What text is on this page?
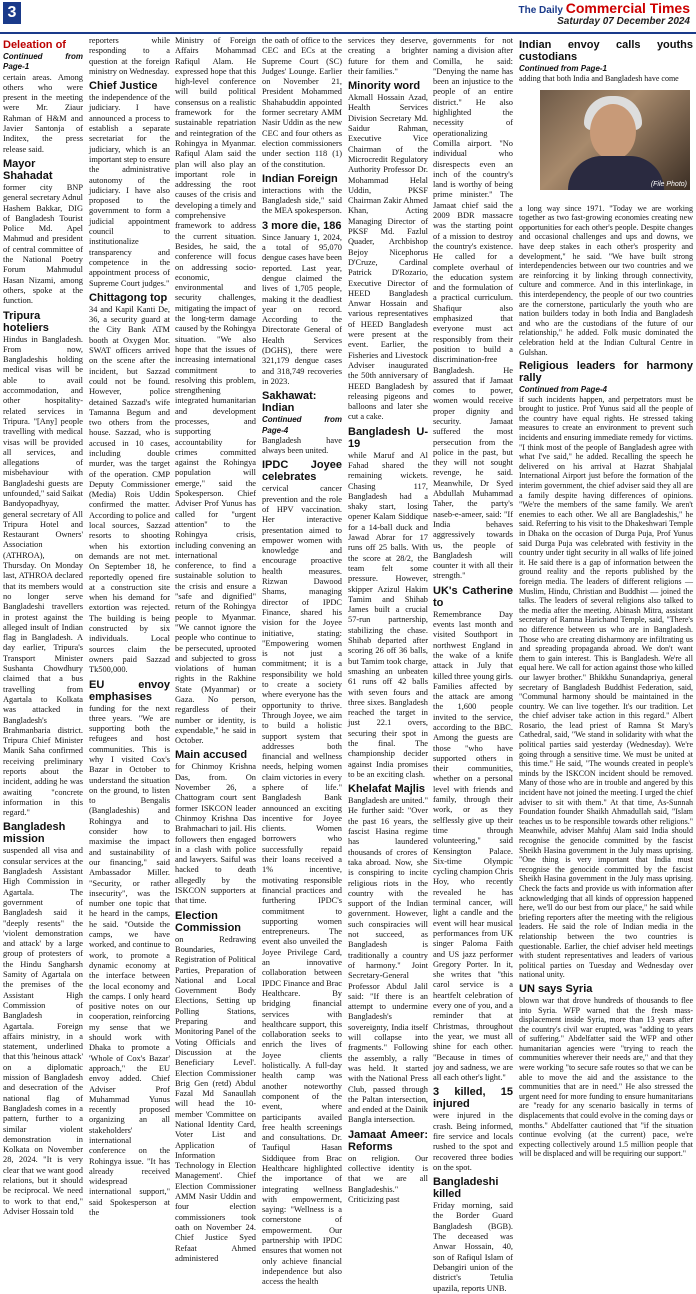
3	The Daily Commercial Times
Saturday 07 December 2024
Deleation of
Continued from Page-1

certain areas. Among others who were present in the meeting were Mr. Ziaur Rahman of H&M and Javier Santonja of Inditex, the press release said.

Mayor Shahadat

former city BNP general secretary Adnul Hashem Bakkar, DIG of Bangladesh Tourist Police Md. Apel Mahmud and president of central committee of the National Poetry Forum Mahmudul Hasan Nizami, among others, spoke at the function.

Tripura hoteliers

Hindus in Bangladesh. From now, Bangladeshis holding medical visas will be able to avail accommodation, and other hospitality-related services in Tripura. "[Any] people travelling with medical visas will be provided all services, and allegations of misbehaviour with Bangladeshi guests are unfounded," said Saikat Bandyopadhyay, general secretary of All Tripura Hotel and Restaurant Owners' Association (ATHROA), on Thursday. On Monday last, ATHROA declared that its members would no longer serve Bangladeshi travellers in protest against the alleged insult of Indian flag in Bangladesh. A day earlier, Tripura's Transport Minister Sushanta Chowdhury claimed that a bus travelling from Agartala to Kolkata was attacked in Bangladesh's Brahmanbaria district. Tripura Chief Minister Manik Saha confirmed receiving preliminary reports about the incident, adding he was awaiting "concrete information in this regard."

Bangladesh mission

suspended all visa and consular services at the Bangladesh Assistant High Commission in Agartala. The government of Bangladesh said it "deeply resents" the 'violent demonstration and attack' by a large group of protesters of the Hindu Sangharsh Samity of Agartala on the premises of the Assistant High Commission of Bangladesh in Agartala. Foreign affairs ministry, in a statement, underlined that this 'heinous attack' on a diplomatic mission of Bangladesh and desecration of the national flag of Bangladesh comes in a pattern, further to a similar violent demonstration in Kolkata on November 28, 2024. "It is very clear that we want good relations, but it should be reciprocal. We need to work to that end," Adviser Hossain told

reporters while responding to a question at the foreign ministry on Wednesday.

Chief Justice

the independence of the judiciary. I have announced a process to establish a separate secretariat for the judiciary, which is an important step to ensure the administrative autonomy of the judiciary. I have also proposed to the government to form a judicial appointment council to institutionalize transparency and competence in the appointment process of Supreme Court judges."

Chittagong top

34 and Kapil Kanti De, 36, a security guard at the City Bank ATM booth at Oxygen Mor. SWAT officers arrived on the scene after the incident, but Sazzad could not be found. However, police detained Sazzad's wife Tamanna Begum and two others from the house. Sazzad, who is accused in 10 cases, including double murder, was the target of the operation. CMP Deputy Commissioner (Media) Rois Uddin confirmed the matter. According to police and local sources, Sazzad resorts to shooting when his extortion demands are not met. On September 18, he reportedly opened fire at a construction site when his demand for extortion was rejected. The building is being constructed by six individuals. Local sources claim the owners paid Sazzad Tk500,000.

EU envoy emphasises

funding for the next three years. "We are supporting both the refugees and host communities. This is why I visited Cox's Bazar in October to understand the situation on the ground, to listen to Bengalis (Bangladeshis) and Rohingya and to consider how to maximise the impact and sustainability of our financing," said Ambassador Miller. "Security, or rather insecurity", was the number one topic that he heard in the camps, he said. "Outside the camps, we have worked, and continue to work, to promote a dynamic economy at the interface between the local economy and the camps. I only heard positive notes on our cooperation, reinforcing my sense that we should work with Dhaka to promote a 'Whole of Cox's Bazar' approach," the EU envoy added. Chief Adviser Prof Muhammad Yunus recently proposed organizing an all stakeholders' international conference on the Rohingya issue. "It has already received widespread international support," said Spokesperson at the

Ministry of Foreign Affairs Mohammad Rafiqul Alam. He expressed hope that this high-level conference will build political consensus on a realistic framework for the sustainable repatriation and reintegration of the Rohingya in Myanmar. Rafiqul Alam said the plan will also play an important role in addressing the root causes of the crisis and developing a timely and comprehensive framework to address the current situation. Besides, he said, the conference will focus on addressing socio-economic, environmental and security challenges, mitigating the impact of the long-term damage caused by the Rohingya situation. "We also hope that the issues of increasing international commitment to resolving this problem, strengthening integrated humanitarian and development processes, and supporting accountability for crimes committed against the Rohingya population will emerge," said the Spokesperson. Chief Adviser Prof Yunus has called for "urgent attention" to the Rohingya crisis, including convening an international conference, to find a sustainable solution to the crisis and ensure a "safe and dignified" return of the Rohingya people to Myanmar. "We cannot ignore the people who continue to be persecuted, uprooted and subjected to gross violations of human rights in the Rakhine State (Myanmar) or Gaza. No person, regardless of their number or identity, is expendable," he said in October.

Main accused

for Chinmoy Krishna Das, from. On November 26, a Chattogram court sent former ISKCON leader Chinmoy Krishna Das Brahmachari to jail. His followers then engaged in a clash with police and lawyers. Saiful was hacked to death allegedly by the ISKCON supporters at that time.

Election Commission

on Redrawing Boundaries, Registration of Political Parties, Preparation of National and Local Government Body Elections, Setting up Polling Stations, Preparing and Monitoring Panel of the Voting Officials and Discussion at the Beneficiary Level'. Election Commissioner Brig Gen (retd) Abdul Fazal Md Sanaullah will head the 10-member 'Committee on National Identity Card, Voter List and Application of Information Technology in Election Management'. Chief Election Commissioner AMM Nasir Uddin and four election commissioners took oath on November 24. Chief Justice Syed Refaat Ahmed administered

the oath of office to the CEC and ECs at the Supreme Court (SC) Judges' Lounge. Earlier on November 21, President Mohammed Shahabuddin appointed former secretary AMM Nasir Uddin as the new CEC and four others as election commissioners under section 118 (1) of the constitution.

Indian Foreign

interactions with the Bangladesh side," said the MEA spokesperson.

3 more die, 186

Since January 1, 2024, a total of 95,070 dengue cases have been reported. Last year, dengue claimed the lives of 1,705 people, making it the deadliest year on record. According to the Directorate General of Health Services (DGHS), there were 321,179 dengue cases and 318,749 recoveries in 2023.

Sakhawat: Indian
Continued from Page-4

Bangladesh have always been united.

IPDC Joyee celebrates

cervical cancer prevention and the role of HPV vaccination. Her interactive presentation aimed to empower women with knowledge and encourage proactive health measures. Rizwan Dawood Shams, managing director of IPDC Finance, shared his vision for the Joyee initiative, stating: "Empowering women is not just a commitment; it is a responsibility we hold to create a society where everyone has the opportunity to thrive. Through Joyee, we aim to build a holistic support system that addresses both financial and wellness needs, helping women claim victories in every sphere of life." Bangladesh Bank announced an exciting incentive for Joyee clients. Women borrowers who successfully repaid their loans received a 1% incentive, motivating responsible financial practices and furthering IPDC's commitment to supporting women entrepreneurs. The event also unveiled the Joyee Privilege Card, an innovative collaboration between IPDC Finance and Brac Healthcare. By bridging financial services with healthcare support, this collaboration seeks to enrich the lives of Joyee clients holistically. A full-day health camp was another noteworthy component of the event, where participants availed free health screenings and consultations. Dr. Taufiqul Hasan Siddiquee from Brac Healthcare highlighted the importance of integrating wellness with empowerment, saying: "Wellness is a cornerstone of empowerment. Our partnership with IPDC ensures that women not only achieve financial independence but also access the health

services they deserve, creating a brighter future for them and their families."

Minority word

Akmall Hossain Azad, Health Services Division Secretary Md. Saidur Rahman, Executive Vice Chairman of the Microcredit Regulatory Authority Professor Dr. Mohammad Helal Uddin, PKSF Chairman Zakir Ahmed Khan, Acting Managing Director of PKSF Md. Fazlul Quader, Archbishop Bejoy Nicephorus D'Cruze, Cardinal Patrick D'Rozario, Executive Director of HEED Bangladesh Anwar Hossain and various representatives of HEED Bangladesh were present at the event. Earlier, the Fisheries and Livestock Adviser inaugurated the 50th anniversary of HEED Bangladesh by releasing pigeons and balloons and later she cut a cake.

Bangladesh U-19

while Maruf and Al Fahad shared the remaining wickets. Chasing 117, Bangladesh had a shaky start, losing opener Kalam Siddique for a 14-ball duck and Jawad Abrar for 17 runs off 25 balls. With the score at 28/2, the team felt some pressure. However, skipper Azizul Hakim Tamim and Shihab James built a crucial 57-run partnership, stabilizing the chase. Shihab departed after scoring 26 off 36 balls, but Tamim took charge, smashing an unbeaten 61 runs off 42 balls with seven fours and three sixes. Bangladesh reached the target in just 22.1 overs, securing their spot in the final. The championship decider against India promises to be an exciting clash.

Khelafat Majlis

Bangladesh are united." He further said: "Over the past 16 years, the fascist Hasina regime has laundered thousands of crores of taka abroad. Now, she is conspiring to incite religious riots in the country with the support of the Indian government. However, such conspiracies will not succeed, as Bangladesh is traditionally a country of harmony." Joint Secretary-General Professor Abdul Jalil said: "If there is an attempt to undermine Bangladesh's sovereignty, India itself will collapse into fragments." Following the assembly, a rally was held. It started with the National Press Club, passed through the Paltan intersection, and ended at the Dainik Bangla intersection.

Jamaat Ameer: Reforms

on religion. Our collective identity is that we are all Bangladeshis." Criticizing past

governments for not naming a division after Comilla, he said: "Denying the name has been an injustice to the people of an entire district." He also highlighted the necessity of operationalizing Comilla airport. "No individual who disrespects even an inch of the country's land is worthy of being prime minister." The Jamaat chief said the 2009 BDR massacre was the starting point of a mission to destroy the country's existence. He called for a complete overhaul of the education system and the formulation of a practical curriculum. Shafiqur also emphasized that everyone must act responsibly from their position to build a discrimination-free Bangladesh. He assured that if Jamaat comes to power, women would receive proper dignity and security. Jamaat suffered the most persecution from the police in the past, but they will not sought revenge, he said. Meanwhile, Dr Syed Abdullah Muhammad Taher, the party's naseb-e-ameer, said: "If India behaves aggressively towards us, the people of Bangladesh will counter it with all their strength."

UK's Catherine to

Remembrance Day events last month and visited Southport in northwest England in the wake of a knife attack in July that killed three young girls. Families affected by the attack are among the 1,600 people invited to the service, according to the BBC. Among the guests are those "who have supported others in their communities, whether on a personal level with friends and family, through their work, or as they selflessly give up their time through volunteering," said Kensington Palace. Six-time Olympic cycling champion Chris Hoy, who recently revealed he has terminal cancer, will light a candle and the event will hear musical performances from UK singer Paloma Faith and US jazz performer Gregory Porter. In it, she writes that "this carol service is a heartfelt celebration of every one of you, and a reminder that at Christmas, throughout the year, we must all shine for each other. "Because in times of joy and sadness, we are all each other's light."

3 killed, 15 injured

were injured in the crash. Being informed, fire service and locals rushed to the spot and recovered three bodies on the spot.

Bangladeshi killed

Friday morning, said the Border Guard Bangladesh (BGB). The deceased was Anwar Hossain, 40, son of Rafiqul Islam of Debangiri union of the district's Tetulia upazila, reports UNB.

Indian envoy calls youths custodians
Continued from Page-1

adding that both India and Bangladesh have come

a long way since 1971. "Today we are working together as two fast-growing economies creating new opportunities for each other's people. Despite changes and occasional challenges and ups and downs, we have deep stakes in each other's prosperity and development," he said. "We have built strong interdependencies between our two countries and we are reinforcing it by linking through connectivity, culture and commerce. And in this interlinkage, in this interdependency, the people of our two countries are the cornerstone, particularly the youth who are nation builders today in both India and Bangladesh and who are the custodians of the future of our relationship," he added. Folk music dominated the celebration held at the Indian Cultural Centre in Gulshan.

Religious leaders for harmony rally
Continued from Page-4

if such incidents happen, and perpetrators must be brought to justice. Prof Yunus said all the people of the country have equal rights. He stressed taking measures to create an environment to prevent such incidents and ensuring immediate remedy for victims. "I think most of the people of Bangladesh agree with what I've said," he added. Recalling the speech he delivered on his arrival at Hazrat Shahjalal International Airport just before the formation of the interim government, the chief adviser said they all are a family despite having differences of opinions. "We're the members of the same family. We aren't enemies to each other. We all are Bangladeshis," he said. Referring to his visit to the Dhakeshwari Temple in Dhaka on the occasion of Durga Puja, Prof Yunus said Durga Puja was celebrated with festivity in the country under tight security in all walks of life joined it. He said there is a gap of information between the ground reality and the reports published by the foreign media. The leaders of different religions — Muslim, Hindu, Christian and Buddhist — joined the talks. The leaders of several religions also talked to the media after the meeting. Abinash Mitra, assistant secretary of Ramna Harichand Temple, said, "There's no difference between us who are in Bangladesh. Those who are creating disharmony are infiltrating us and spreading propaganda abroad. We don't want them to gain interest. This is Bangladesh. We're all equal here. We call for action against those who killed our lawyer brother." Bhikkhu Sunandapriya, general secretary of Bangladesh Buddhist Federation, said, "Communal harmony should be maintained in the country. We can live together. It's our tradition. Let the chief adviser take action in this regard." Albert Rosario, the lead priest of Ramna St Mary's Cathedral, said, "We stand in solidarity with what the political parties said yesterday (Wednesday). We're going through a sensitive time. We must be united at this time." He said, "The wounds created in people's minds by the ISKCON incident should be removed. Many of those who are in trouble and angered by this incident have not joined the meeting. I urged the chief adviser to sit with them." At that time, As-Sunnah Foundation founder Shaikh Ahmadullah said, "Islam teaches us to be responsible towards other religions." Meanwhile, adviser Mahfuj Alam said India should recognise the genocide committed by the fascist Sheikh Hasina government in the July mass uprising. "One thing is very important that India must recognise the genocide committed by the fascist Sheikh Hasina government in the July mass uprising. Check the facts and provide us with information after acknowledging that all kinds of oppression happened here, we'll do our best from our place," he said while briefing reporters after the meeting with the religious leaders. He said the role of Indian media in the relationship between the two countries is questionable. Earlier, the chief adviser held meetings with student representatives and leaders of various political parties on Tuesday and Wednesday over national unity.

UN says Syria

blown war that drove hundreds of thousands to flee into Syria. WFP warned that the fresh mass-displacement inside Syria, more than 13 years after the country's civil war erupted, was "adding to years of suffering." Abdelfatter said the WFP and other humanitarian agencies were "trying to reach the communities wherever their needs are," and that they were working "to secure safe routes so that we can be able to move the aid and the assistance to the communities that are in need." He also stressed the urgent need for more funding to ensure humanitarians are "ready for any scenario basically in terms of displacements that could evolve in the coming days or months." Abdelfatter cautioned that "if the situation continue evolving (at the current) pace, we're expecting collectively around 1.5 million people that will be displaced and will be requiring our support."

(File Photo)
